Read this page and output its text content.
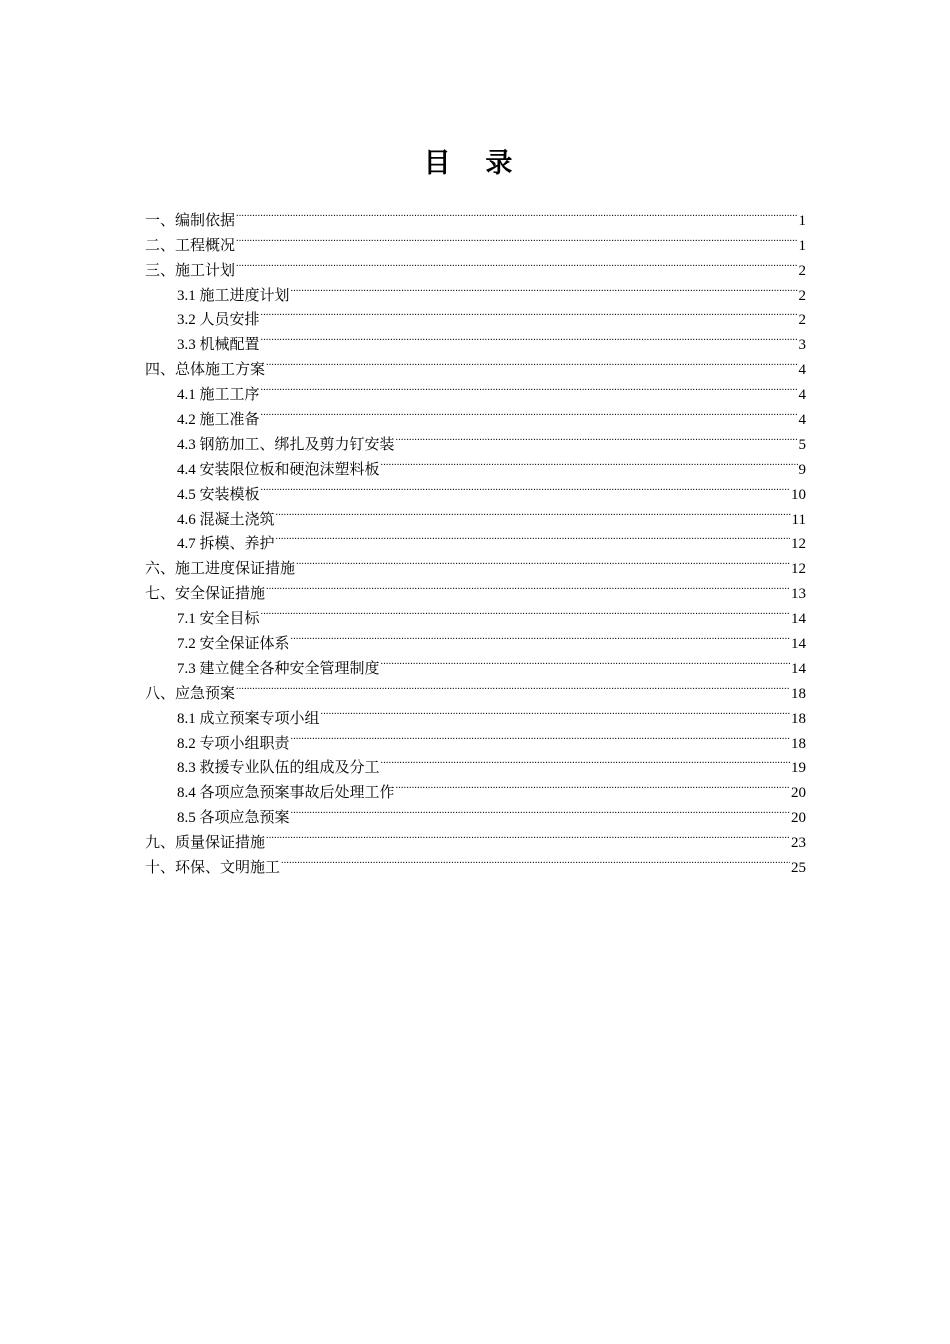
目 录
一、编制依据 .....	1
二、工程概况 .....	1
三、施工计划 .....	2
3.1 施工进度计划 .....	2
3.2 人员安排 .....	2
3.3 机械配置 .....	3
四、总体施工方案 .....	4
4.1 施工工序 .....	4
4.2 施工准备 .....	4
4.3 钢筋加工、绑扎及剪力钉安装 .....	5
4.4 安装限位板和硬泡沫塑料板 .....	9
4.5 安装模板 .....	10
4.6 混凝土浇筑 .....	11
4.7 拆模、养护 .....	12
六、施工进度保证措施 .....	12
七、安全保证措施 .....	13
7.1 安全目标 .....	14
7.2 安全保证体系 .....	14
7.3 建立健全各种安全管理制度 .....	14
八、应急预案 .....	18
8.1 成立预案专项小组 .....	18
8.2 专项小组职责 .....	18
8.3 救援专业队伍的组成及分工 .....	19
8.4 各项应急预案事故后处理工作 .....	20
8.5 各项应急预案 .....	20
九、质量保证措施 .....	23
十、环保、文明施工 .....	25
